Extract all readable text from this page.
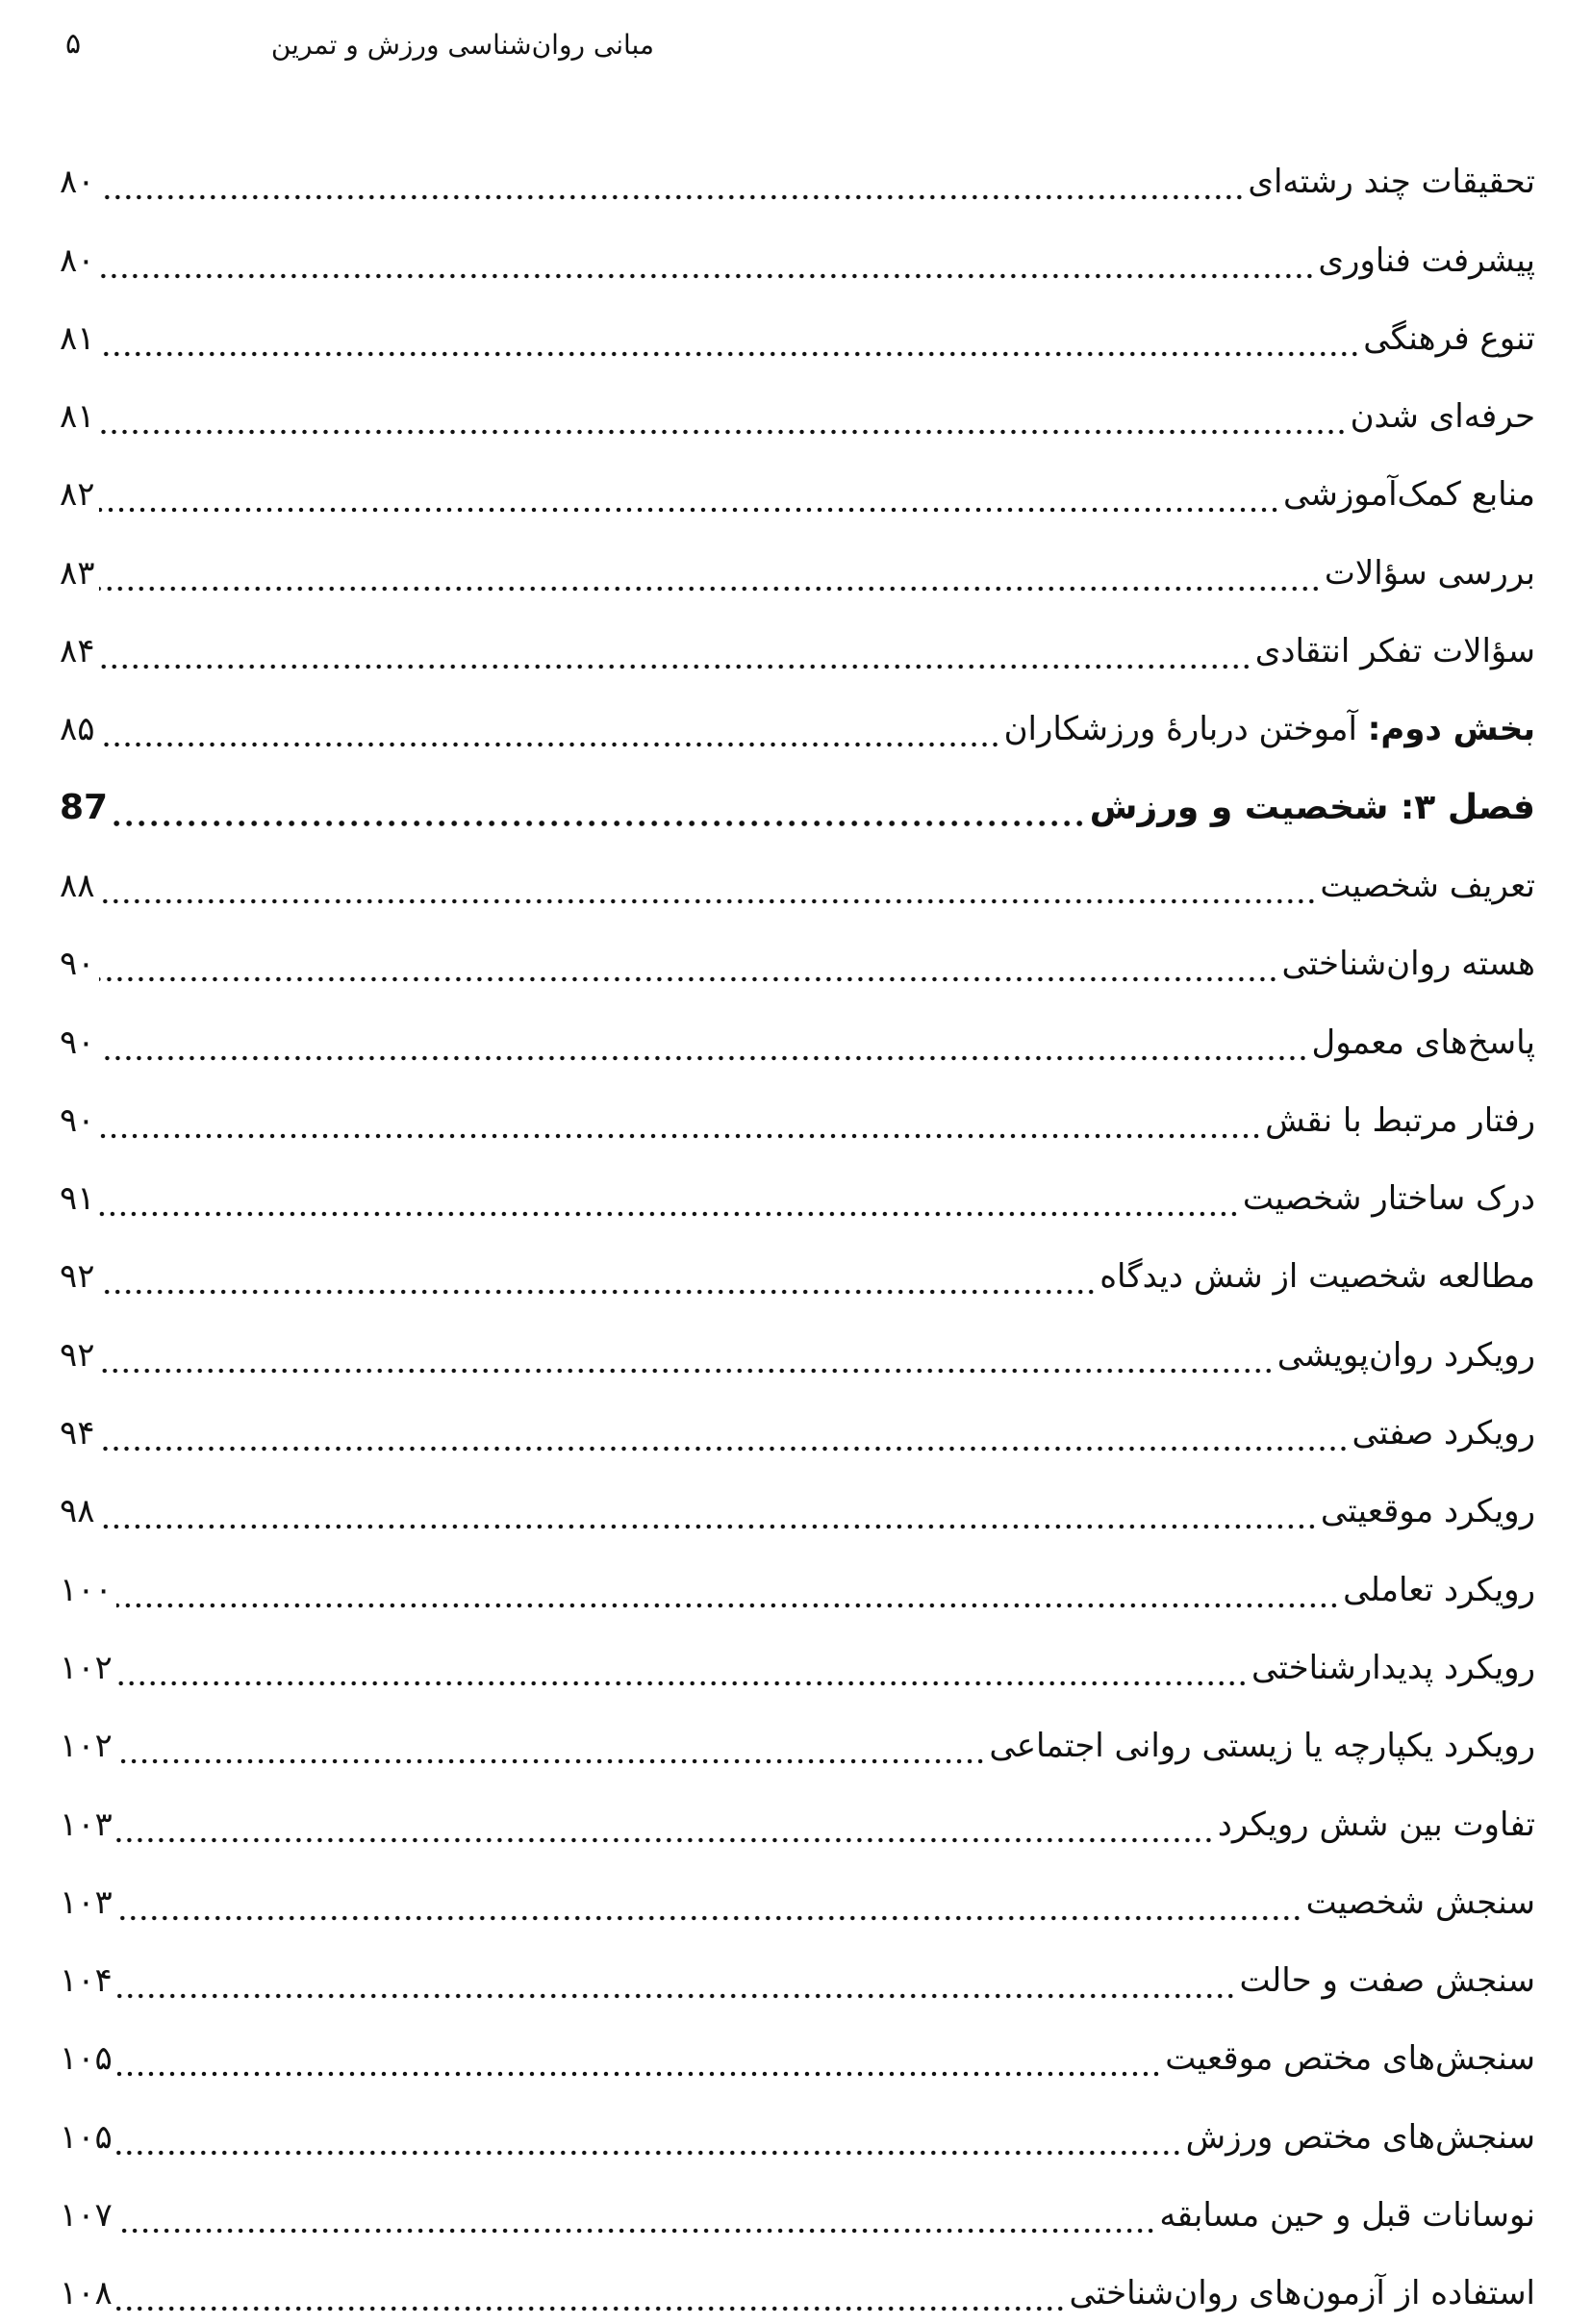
۵	مبانی روان‌شناسی ورزش و تمرین
۸۰	تحقیقات چند رشته‌ای
۸۰	پیشرفت فناوری
۸۱	تنوع فرهنگی
۸۱	حرفه‌ای شدن
۸۲	منابع کمک‌آموزشی
۸۳	بررسی سؤالات
۸۴	سؤالات تفکر انتقادی
۸۵	بخش دوم: آموختن دربارهٔ ورزشکاران
87	فصل ۳: شخصیت و ورزش
۸۸	تعریف شخصیت
۹۰	هسته روان‌شناختی
۹۰	پاسخ‌های معمول
۹۰	رفتار مرتبط با نقش
۹۱	درک ساختار شخصیت
۹۲	مطالعه شخصیت از شش دیدگاه
۹۲	رویکرد روان‌پویشی
۹۴	رویکرد صفتی
۹۸	رویکرد موقعیتی
۱۰۰	رویکرد تعاملی
۱۰۲	رویکرد پدیدارشناختی
۱۰۲	رویکرد یکپارچه یا زیستی روانی اجتماعی
۱۰۳	تفاوت بین شش رویکرد
۱۰۳	سنجش شخصیت
۱۰۴	سنجش صفت و حالت
۱۰۵	سنجش‌های مختص موقعیت
۱۰۵	سنجش‌های مختص ورزش
۱۰۷	نوسانات قبل و حین مسابقه
۱۰۸	استفاده از آزمون‌های روان‌شناختی
